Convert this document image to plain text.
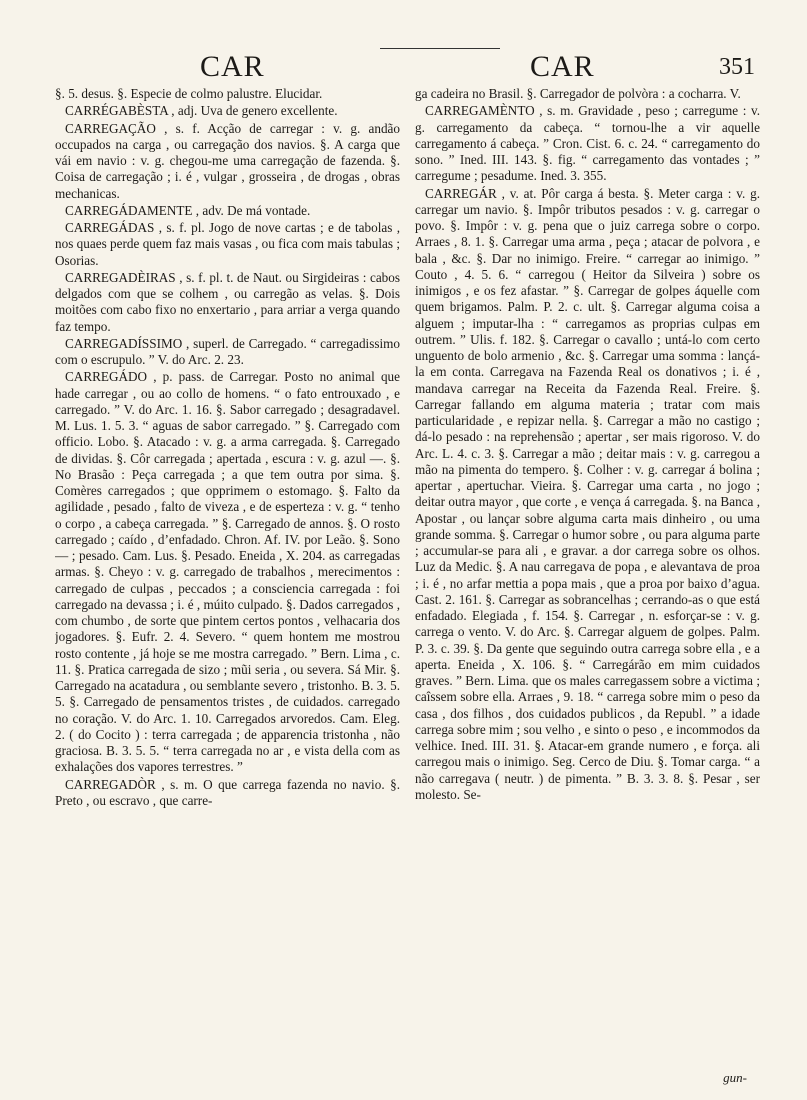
CAR	CAR	351

§. 5. desus. §. Especie de colmo palustre. Elucidar.

CARRÉGABÈSTA , adj. Uva de genero excellente.

CARREGAÇÃO , s. f. Acção de carregar : v. g. andão occupados na carga , ou carregação dos navios. §. A carga que vái em navio : v. g. chegou-me uma carregação de fazenda. §. Coisa de carregação ; i. é , vulgar , grosseira , de drogas , obras mechanicas.

CARREGÁDAMENTE , adv. De má vontade.

CARREGÁDAS , s. f. pl. Jogo de nove cartas ; e de tabolas , nos quaes perde quem faz mais vasas , ou fica com mais tabulas ; Osorias.

CARREGADÈIRAS , s. f. pl. t. de Naut. ou Sirgideiras : cabos delgados com que se colhem , ou carregão as velas. §. Dois moitões com cabo fixo no enxertario , para arriar a verga quando faz tempo.

CARREGADÍSSIMO , superl. de Carregado. “ carregadissimo com o escrupulo. ” V. do Arc. 2. 23.

CARREGÁDO , p. pass. de Carregar. Posto no animal que hade carregar , ou ao collo de homens. “ o fato entrouxado , e carregado. ” V. do Arc. 1. 16. §. Sabor carregado ; desagradavel. M. Lus. 1. 5. 3. “ aguas de sabor carregado. ” §. Carregado com officio. Lobo. §. Atacado : v. g. a arma carregada. §. Carregado de dividas. §. Côr carregada ; apertada , escura : v. g. azul —. §. No Brasão : Peça carregada ; a que tem outra por sima. §. Comères carregados ; que opprimem o estomago. §. Falto da agilidade , pesado , falto de viveza , e de esperteza : v. g. “ tenho o corpo , a cabeça carregada. ” §. Carregado de annos. §. O rosto carregado ; caído , d’enfadado. Chron. Af. IV. por Leão. §. Sono — ; pesado. Cam. Lus. §. Pesado. Eneida , X. 204. as carregadas armas. §. Cheyo : v. g. carregado de trabalhos , merecimentos : carregado de culpas , peccados ; a consciencia carregada : foi carregado na devassa ; i. é , múito culpado. §. Dados carregados , com chumbo , de sorte que pintem certos pontos , velhacaria dos jogadores. §. Eufr. 2. 4. Severo. “ quem hontem me mostrou rosto contente , já hoje se me mostra carregado. ” Bern. Lima , c. 11. §. Pratica carregada de sizo ; mũi seria , ou severa. Sá Mir. §. Carregado na acatadura , ou semblante severo , tristonho. B. 3. 5. 5. §. Carregado de pensamentos tristes , de cuidados. carregado no coração. V. do Arc. 1. 10. Carregados arvoredos. Cam. Eleg. 2. ( do Cocito ) : terra carregada ; de apparencia tristonha , não graciosa. B. 3. 5. 5. “ terra carregada no ar , e vista della com as exhalações dos vapores terrestres. ”

CARREGADÒR , s. m. O que carrega fazenda no navio. §. Preto , ou escravo , que carre-

ga cadeira no Brasil. §. Carregador de polvòra : a cocharra. V.

CARREGAMÈNTO , s. m. Gravidade , peso ; carregume : v. g. carregamento da cabeça. “ tornou-lhe a vir aquelle carregamento á cabeça. ” Cron. Cist. 6. c. 24. “ carregamento do sono. ” Ined. III. 143. §. fig. “ carregamento das vontades ; ” carregume ; pesadume. Ined. 3. 355.

CARREGÁR , v. at. Pôr carga á besta. §. Meter carga : v. g. carregar um navio. §. Impôr tributos pesados : v. g. carregar o povo. §. Impôr : v. g. pena que o juiz carrega sobre o corpo. Arraes , 8. 1. §. Carregar uma arma , peça ; atacar de polvora , e bala , &c. §. Dar no inimigo. Freire. “ carregar ao inimigo. ” Couto , 4. 5. 6. “ carregou ( Heitor da Silveira ) sobre os inimigos , e os fez afastar. ” §. Carregar de golpes áquelle com quem brigamos. Palm. P. 2. c. ult. §. Carregar alguma coisa a alguem ; imputar-lha : “ carregamos as proprias culpas em outrem. ” Ulis. f. 182. §. Carregar o cavallo ; untá-lo com certo unguento de bolo armenio , &c. §. Carregar uma somma : lançá-la em conta. Carregava na Fazenda Real os donativos ; i. é , mandava carregar na Receita da Fazenda Real. Freire. §. Carregar fallando em alguma materia ; tratar com mais particularidade , e repizar nella. §. Carregar a mão no castigo ; dá-lo pesado : na reprehensão ; apertar , ser mais rigoroso. V. do Arc. L. 4. c. 3. §. Carregar a mão ; deitar mais : v. g. carregou a mão na pimenta do tempero. §. Colher : v. g. carregar á bolina ; apertar , apertuchar. Vieira. §. Carregar uma carta , no jogo ; deitar outra mayor , que corte , e vença á carregada. §. na Banca , Apostar , ou lançar sobre alguma carta mais dinheiro , ou uma grande somma. §. Carregar o humor sobre , ou para alguma parte ; accumular-se para ali , e gravar. a dor carrega sobre os olhos. Luz da Medic. §. A nau carregava de popa , e alevantava de proa ; i. é , no arfar mettia a popa mais , que a proa por baixo d’agua. Cast. 2. 161. §. Carregar as sobrancelhas ; cerrando-as o que está enfadado. Elegiada , f. 154. §. Carregar , n. esforçar-se : v. g. carrega o vento. V. do Arc. §. Carregar alguem de golpes. Palm. P. 3. c. 39. §. Da gente que seguindo outra carrega sobre ella , e a aperta. Eneida , X. 106. §. “ Carregárão em mim cuidados graves. ” Bern. Lima. que os males carregassem sobre a victima ; caîssem sobre ella. Arraes , 9. 18. “ carrega sobre mim o peso da casa , dos filhos , dos cuidados publicos , da Republ. ” a idade carrega sobre mim ; sou velho , e sinto o peso , e incommodos da velhice. Ined. III. 31. §. Atacar-em grande numero , e força. ali carregou mais o inimigo. Seg. Cerco de Diu. §. Tomar carga. “ a não carregava ( neutr. ) de pimenta. ” B. 3. 3. 8. §. Pesar , ser molesto. Se-

gun-
